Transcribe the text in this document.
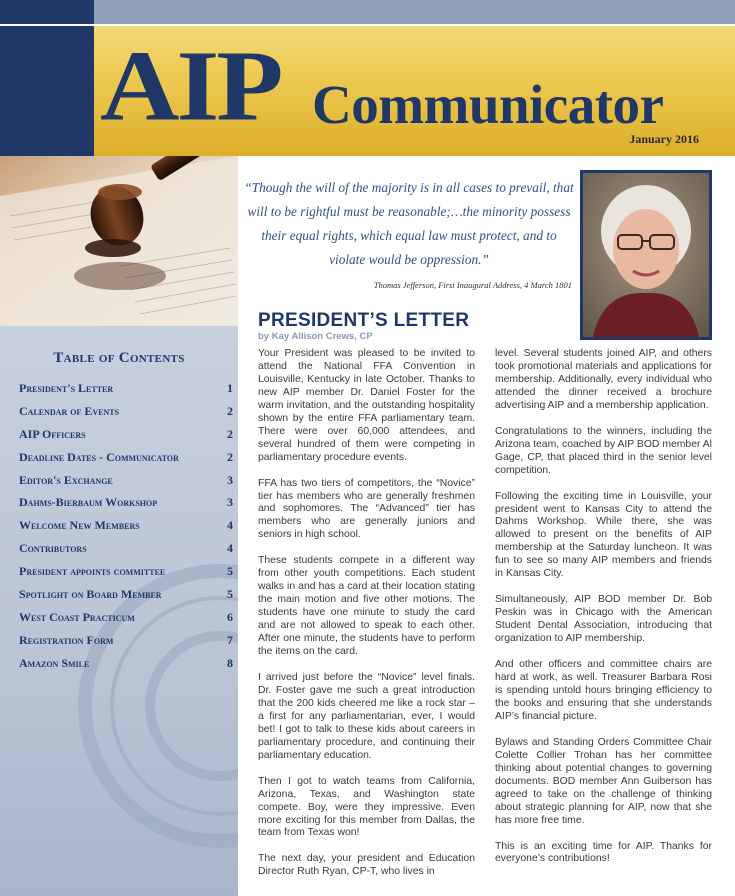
AIP Communicator
January 2016
Table of Contents
President's Letter	1
Calendar of Events	2
AIP Officers	2
Deadline Dates - Communicator	2
Editor's Exchange	3
Dahms-Bierbaum Workshop	3
Welcome New Members	4
Contributors	4
President appoints committee	5
Spotlight on Board Member	5
West Coast Practicum	6
Registration Form	7
Amazon Smile	8
“Though the will of the majority is in all cases to prevail, that will to be rightful must be reasonable;…the minority possess their equal rights, which equal law must protect, and to violate would be oppression.”
Thomas Jefferson, First Inaugural Address, 4 March 1801
PRESIDENT’S LETTER
by Kay Allison Crews, CP

Your President was pleased to be invited to attend the National FFA Convention in Louisville, Kentucky in late October. Thanks to new AIP member Dr. Daniel Foster for the warm invitation, and the outstanding hospitality shown by the entire FFA parliamentary team. There were over 60,000 attendees, and several hundred of them were competing in parliamentary procedure events.

FFA has two tiers of competitors, the “Novice” tier has members who are generally freshmen and sophomores. The “Advanced” tier has members who are generally juniors and seniors in high school.

These students compete in a different way from other youth competitions. Each student walks in and has a card at their location stating the main motion and five other motions. The students have one minute to study the card and are not allowed to speak to each other. After one minute, the students have to perform the items on the card.

I arrived just before the “Novice” level finals. Dr. Foster gave me such a great introduction that the 200 kids cheered me like a rock star – a first for any parliamentarian, ever, I would bet! I got to talk to these kids about careers in parliamentary procedure, and continuing their parliamentary education.

Then I got to watch teams from California, Arizona, Texas, and Washington state compete. Boy, were they impressive. Even more exciting for this member from Dallas, the team from Texas won!

The next day, your president and Education Director Ruth Ryan, CP-T, who lives in

level. Several students joined AIP, and others took promotional materials and applications for membership. Additionally, every individual who attended the dinner received a brochure advertising AIP and a membership application.

Congratulations to the winners, including the Arizona team, coached by AIP BOD member Al Gage, CP, that placed third in the senior level competition.

Following the exciting time in Louisville, your president went to Kansas City to attend the Dahms Workshop. While there, she was allowed to present on the benefits of AIP membership at the Saturday luncheon. It was fun to see so many AIP members and friends in Kansas City.

Simultaneously, AIP BOD member Dr. Bob Peskin was in Chicago with the American Student Dental Association, introducing that organization to AIP membership.

And other officers and committee chairs are hard at work, as well. Treasurer Barbara Rosi is spending untold hours bringing efficiency to the books and ensuring that she understands AIP’s financial picture.

Bylaws and Standing Orders Committee Chair Colette Collier Trohan has her committee thinking about potential changes to governing documents. BOD member Ann Guiberson has agreed to take on the challenge of thinking about strategic planning for AIP, now that she has more free time.

This is an exciting time for AIP. Thanks for everyone’s contributions!
